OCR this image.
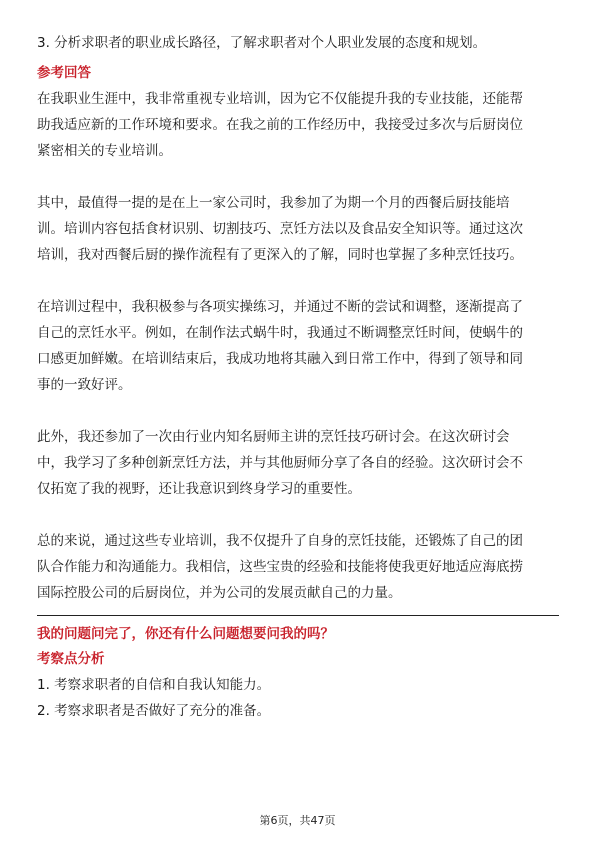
3. 分析求职者的职业成长路径，了解求职者对个人职业发展的态度和规划。

参考回答

在我职业生涯中，我非常重视专业培训，因为它不仅能提升我的专业技能，还能帮

助我适应新的工作环境和要求。在我之前的工作经历中，我接受过多次与后厨岗位

紧密相关的专业培训。

其中，最值得一提的是在上一家公司时，我参加了为期一个月的西餐后厨技能培

训。培训内容包括食材识别、切割技巧、烹饪方法以及食品安全知识等。通过这次

培训，我对西餐后厨的操作流程有了更深入的了解，同时也掌握了多种烹饪技巧。

在培训过程中，我积极参与各项实操练习，并通过不断的尝试和调整，逐渐提高了

自己的烹饪水平。例如，在制作法式蜗牛时，我通过不断调整烹饪时间，使蜗牛的

口感更加鲜嫩。在培训结束后，我成功地将其融入到日常工作中，得到了领导和同

事的一致好评。

此外，我还参加了一次由行业内知名厨师主讲的烹饪技巧研讨会。在这次研讨会

中，我学习了多种创新烹饪方法，并与其他厨师分享了各自的经验。这次研讨会不

仅拓宽了我的视野，还让我意识到终身学习的重要性。

总的来说，通过这些专业培训，我不仅提升了自身的烹饪技能，还锻炼了自己的团

队合作能力和沟通能力。我相信，这些宝贵的经验和技能将使我更好地适应海底捞

国际控股公司的后厨岗位，并为公司的发展贡献自己的力量。

我的问题问完了，你还有什么问题想要问我的吗？

考察点分析

1. 考察求职者的自信和自我认知能力。

2. 考察求职者是否做好了充分的准备。

第6页，共47页
